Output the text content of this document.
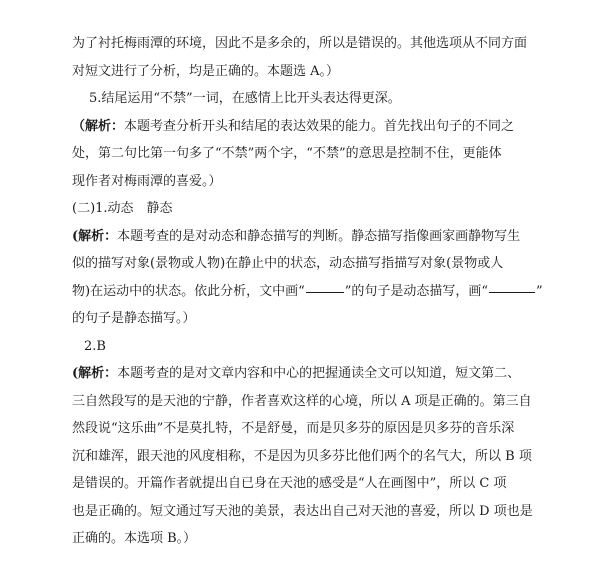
为了衬托梅雨潭的环境，因此不是多余的，所以是错误的。其他选项从不同方面
对短文进行了分析，均是正确的。本题选 A。）
5.结尾运用“不禁”一词，在感情上比开头表达得更深。
（解析：本题考查分析开头和结尾的表达效果的能力。首先找出句子的不同之
处，第二句比第一句多了“不禁”两个字，“不禁”的意思是控制不住，更能体
现作者对梅雨潭的喜爱。）
(二)1.动态　静态
(解析：本题考查的是对动态和静态描写的判断。静态描写指像画家画静物写生
似的描写对象(景物或人物)在静止中的状态，动态描写指描写对象(景物或人
物)在运动中的状态。依此分析，文中画“	”的句子是动态描写，画“	”
的句子是静态描写。）
2.B
(解析：本题考查的是对文章内容和中心的把握通读全文可以知道，短文第二、
三自然段写的是天池的宁静，作者喜欢这样的心境，所以 A 项是正确的。第三自
然段说“这乐曲”不是莫扎特，不是舒曼，而是贝多芬的原因是贝多芬的音乐深
沉和雄浑，跟天池的风度相称，不是因为贝多芬比他们两个的名气大，所以 B 项
是错误的。开篇作者就提出自已身在天池的感受是“人在画图中”，所以 C 项
也是正确的。短文通过写天池的美景，表达出自己对天池的喜爱，所以 D 项也是
正确的。本选项 B。）
